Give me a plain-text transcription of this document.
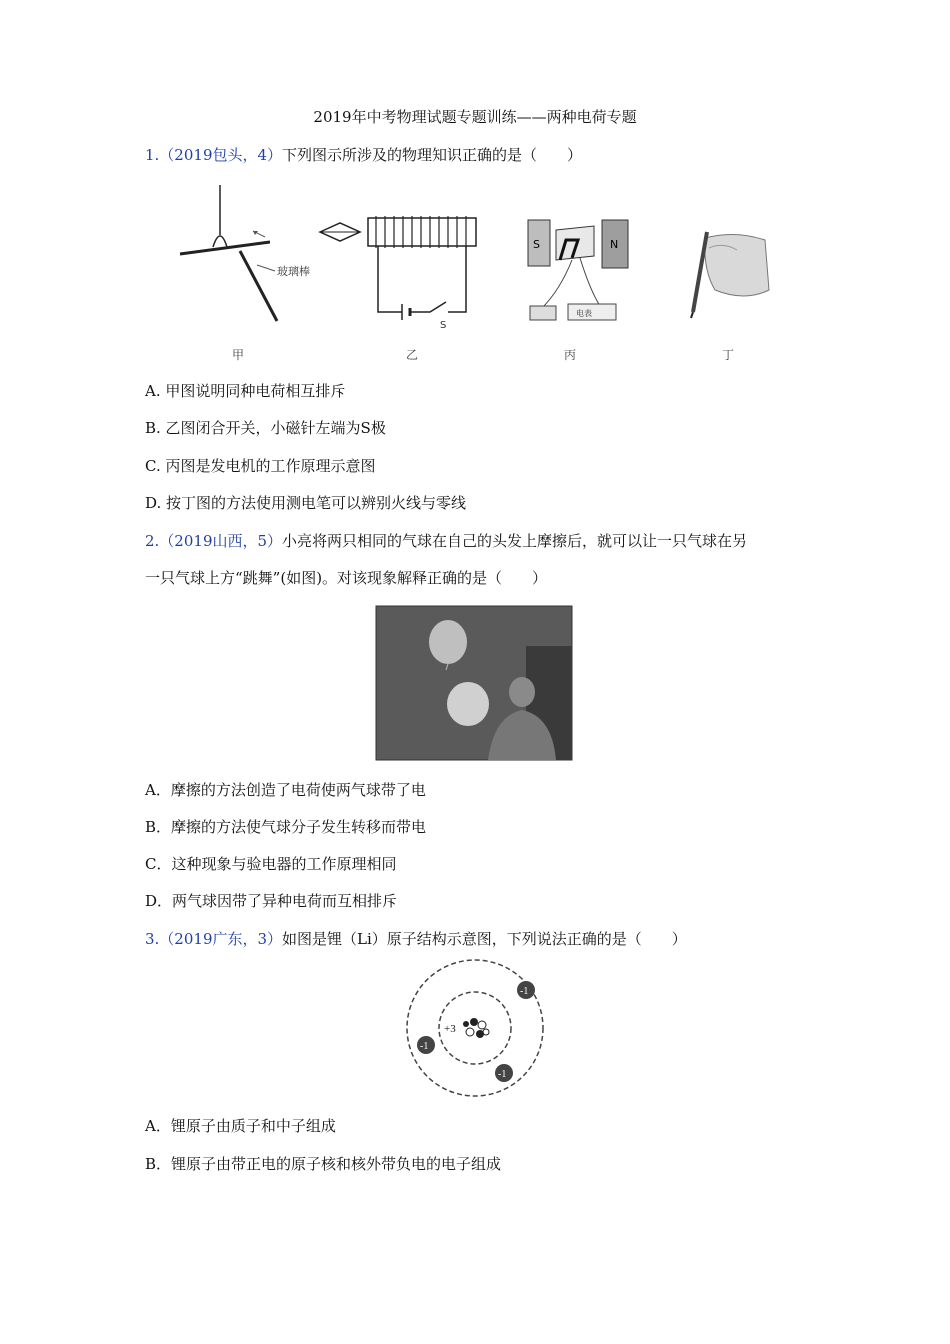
2019年中考物理试题专题训练——两种电荷专题
1.（2019包头，4）下列图示所涉及的物理知识正确的是（　　）
玻璃棒
S
S	N
电表
甲	乙	丙	丁
A. 甲图说明同种电荷相互排斥
B. 乙图闭合开关，小磁针左端为S极
C. 丙图是发电机的工作原理示意图
D. 按丁图的方法使用测电笔可以辨别火线与零线
2.（2019山西，5）小亮将两只相同的气球在自己的头发上摩擦后，就可以让一只气球在另
一只气球上方“跳舞”(如图)。对该现象解释正确的是（　　）
A．摩擦的方法创造了电荷使两气球带了电
B．摩擦的方法使气球分子发生转移而带电
C．这种现象与验电器的工作原理相同
D．两气球因带了异种电荷而互相排斥
3.（2019广东，3）如图是锂（Li）原子结构示意图，下列说法正确的是（　　）
+3
-1
-1
-1
A．锂原子由质子和中子组成
B．锂原子由带正电的原子核和核外带负电的电子组成
